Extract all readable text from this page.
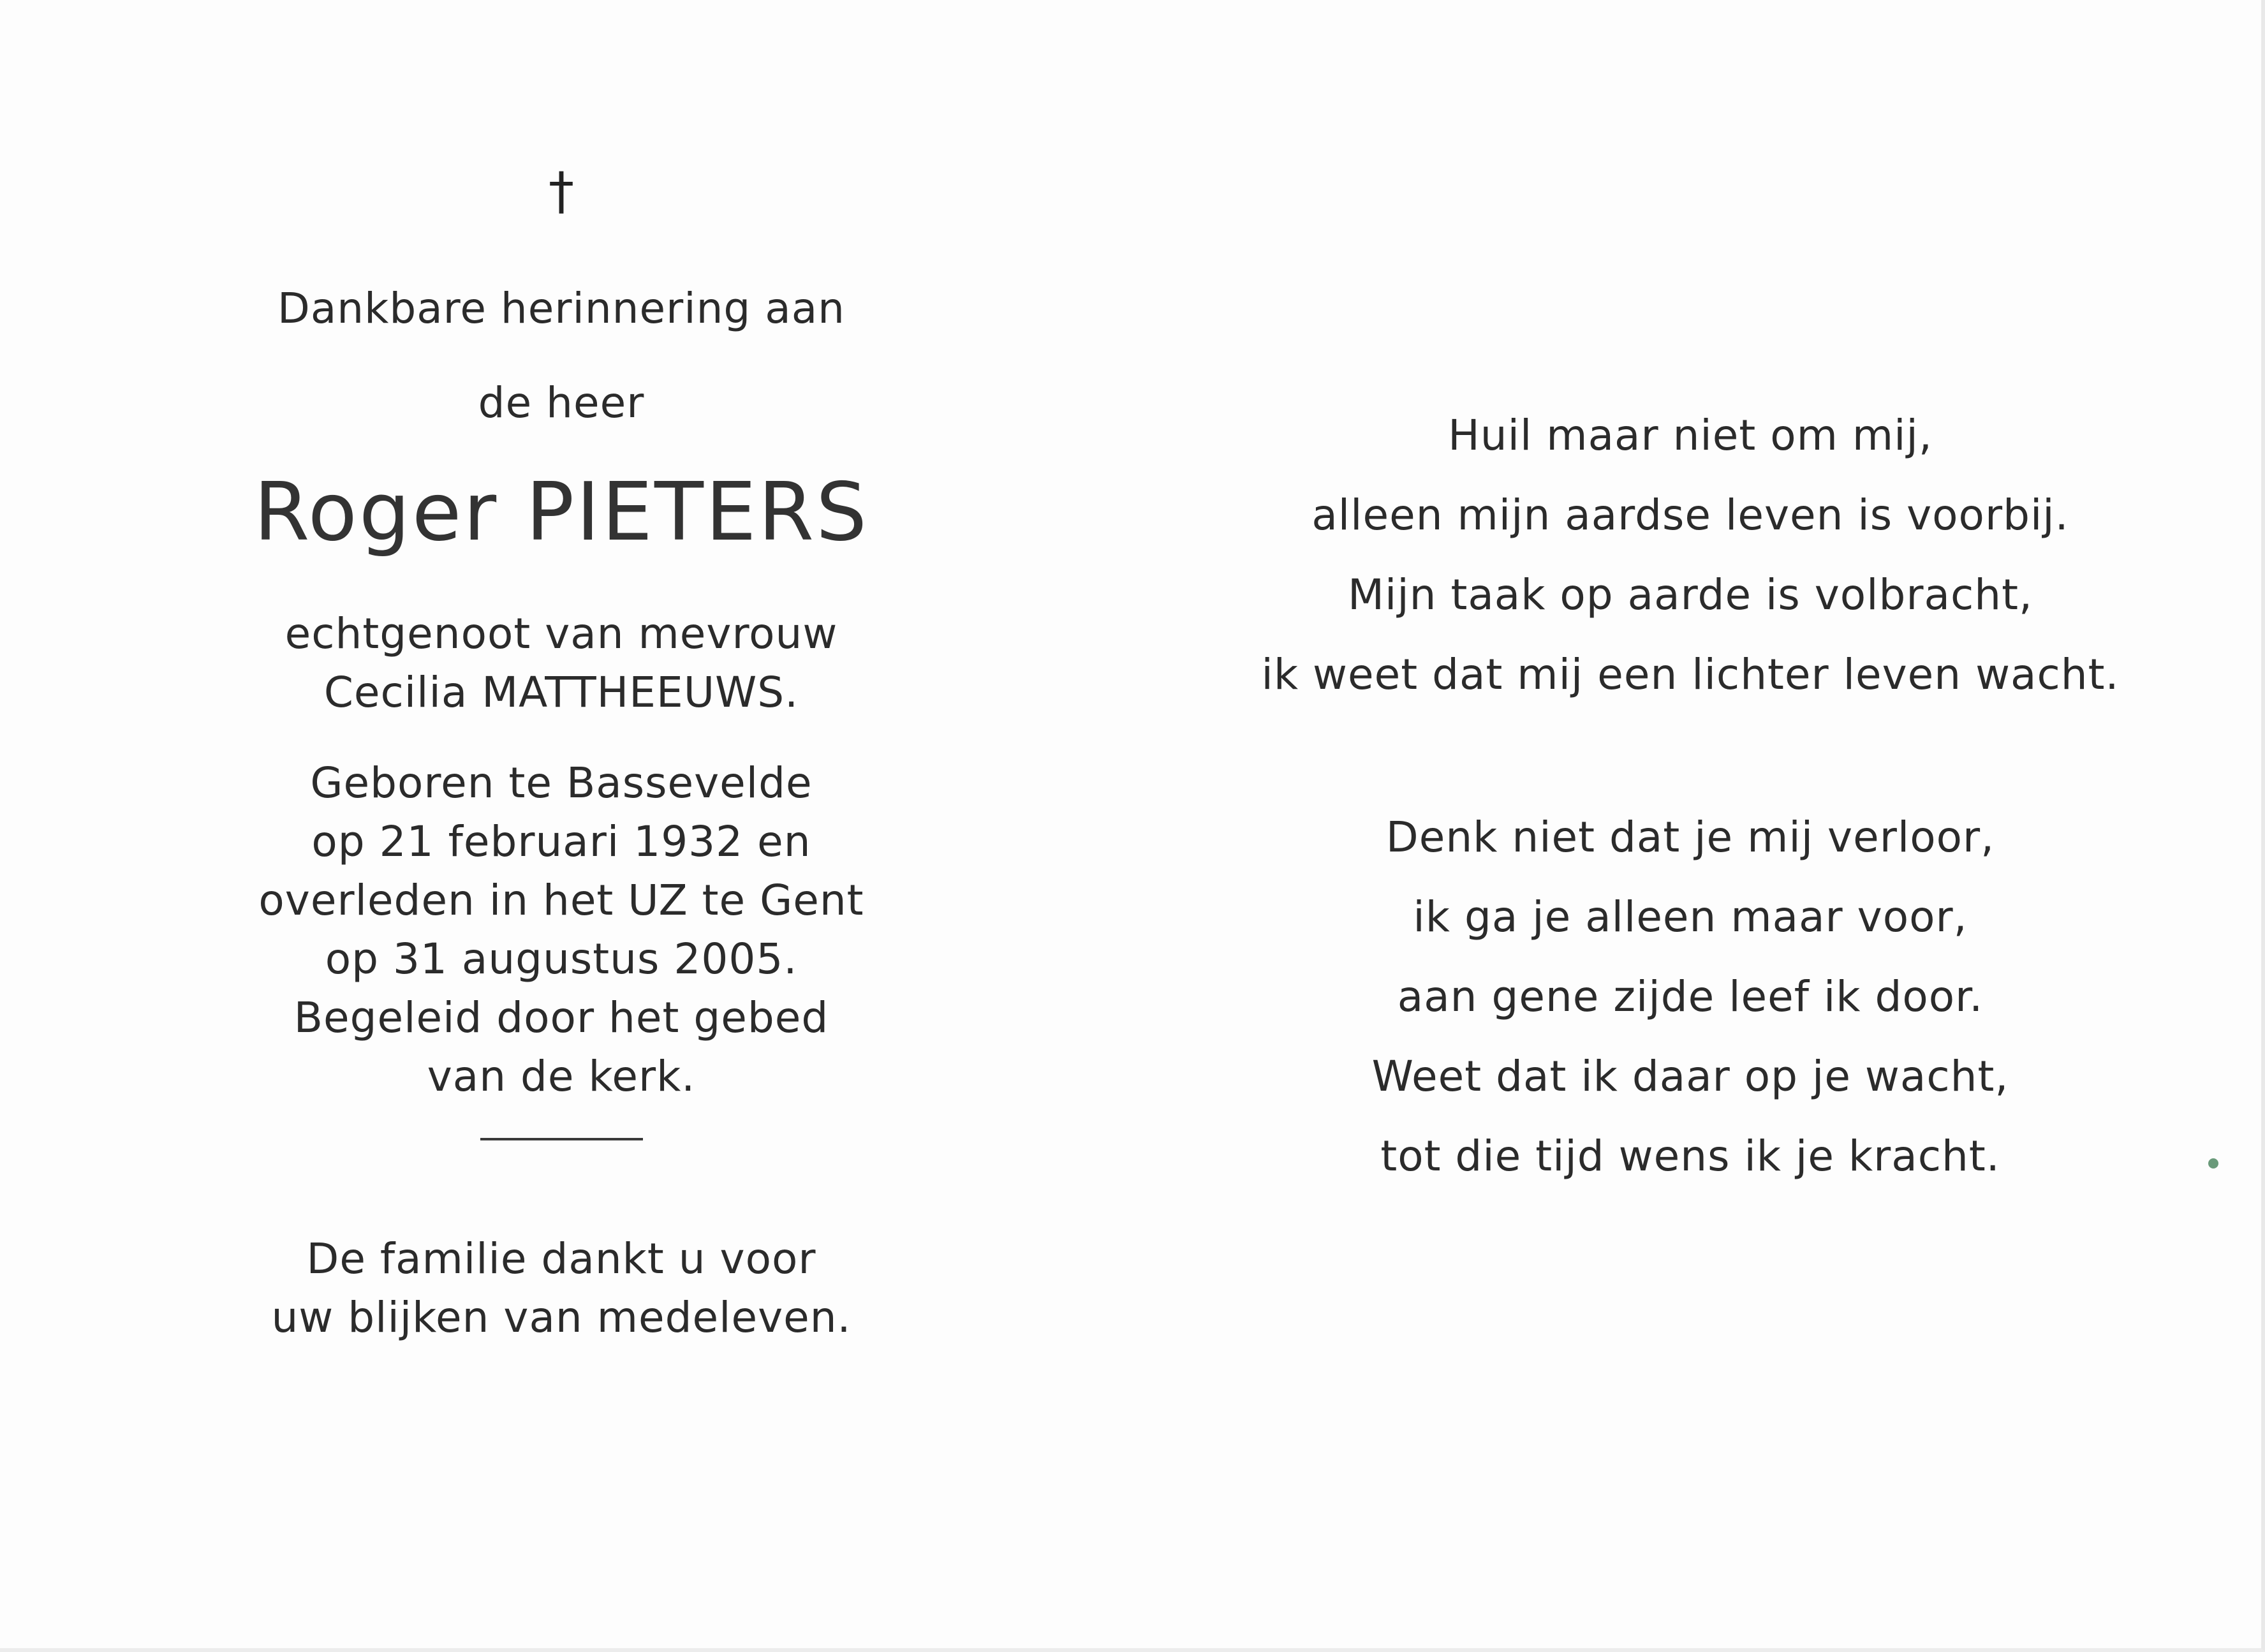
†

Dankbare herinnering aan

de heer

Roger PIETERS

echtgenoot van mevrouw

Cecilia MATTHEEUWS.

Geboren te Bassevelde

op 21 februari 1932 en

overleden in het UZ te Gent

op 31 augustus 2005.

Begeleid door het gebed

van de kerk.

De familie dankt u voor

uw blijken van medeleven.

Huil maar niet om mij,

alleen mijn aardse leven is voorbij.

Mijn taak op aarde is volbracht,

ik weet dat mij een lichter leven wacht.

Denk niet dat je mij verloor,

ik ga je alleen maar voor,

aan gene zijde leef ik door.

Weet dat ik daar op je wacht,

tot die tijd wens ik je kracht.
